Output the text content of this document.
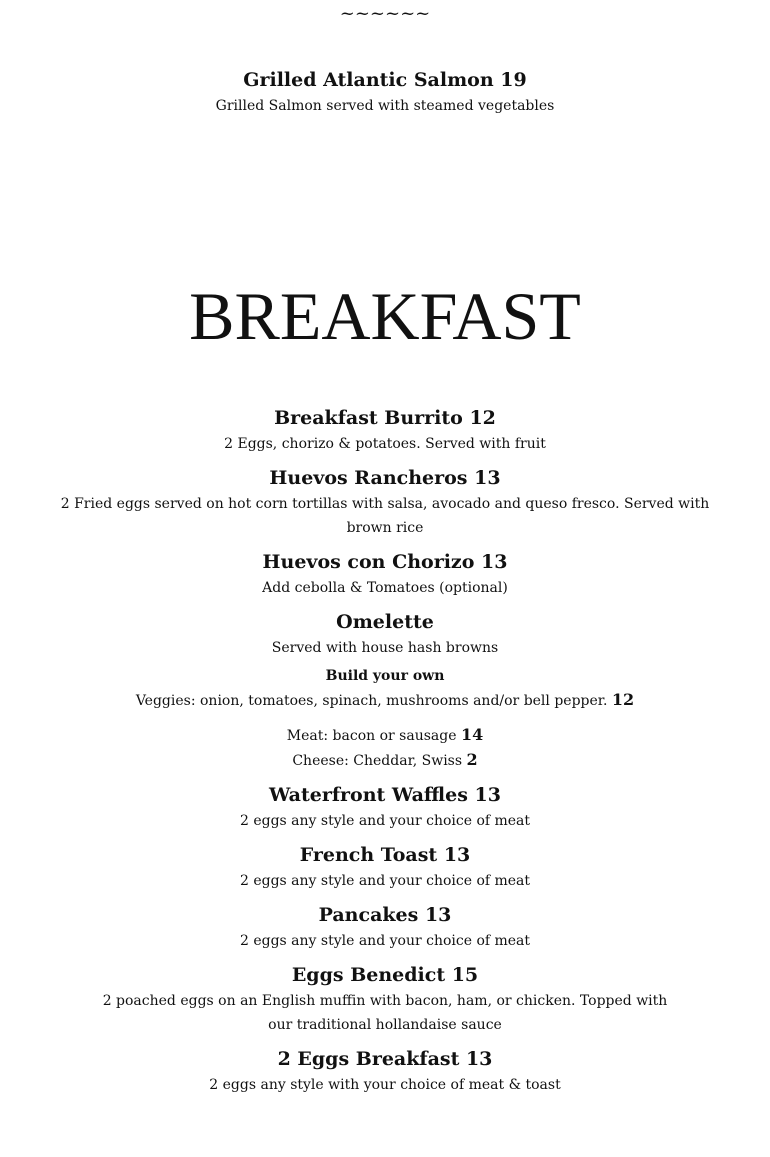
~~~~~~

Grilled Atlantic Salmon 19

Grilled Salmon served with steamed vegetables

BREAKFAST

Breakfast Burrito 12

2 Eggs, chorizo & potatoes. Served with fruit

Huevos Rancheros 13

2 Fried eggs served on hot corn tortillas with salsa, avocado and queso fresco. Served with brown rice

Huevos con Chorizo 13

Add cebolla & Tomatoes (optional)

Omelette

Served with house hash browns

Build your own

Veggies: onion, tomatoes, spinach, mushrooms and/or bell pepper. 12

Meat: bacon or sausage 14

Cheese: Cheddar, Swiss 2

Waterfront Waffles 13

2 eggs any style and your choice of meat

French Toast 13

2 eggs any style and your choice of meat

Pancakes 13

2 eggs any style and your choice of meat

Eggs Benedict 15

2 poached eggs on an English muffin with bacon, ham, or chicken. Topped with our traditional hollandaise sauce

2 Eggs Breakfast 13

2 eggs any style with your choice of meat & toast
